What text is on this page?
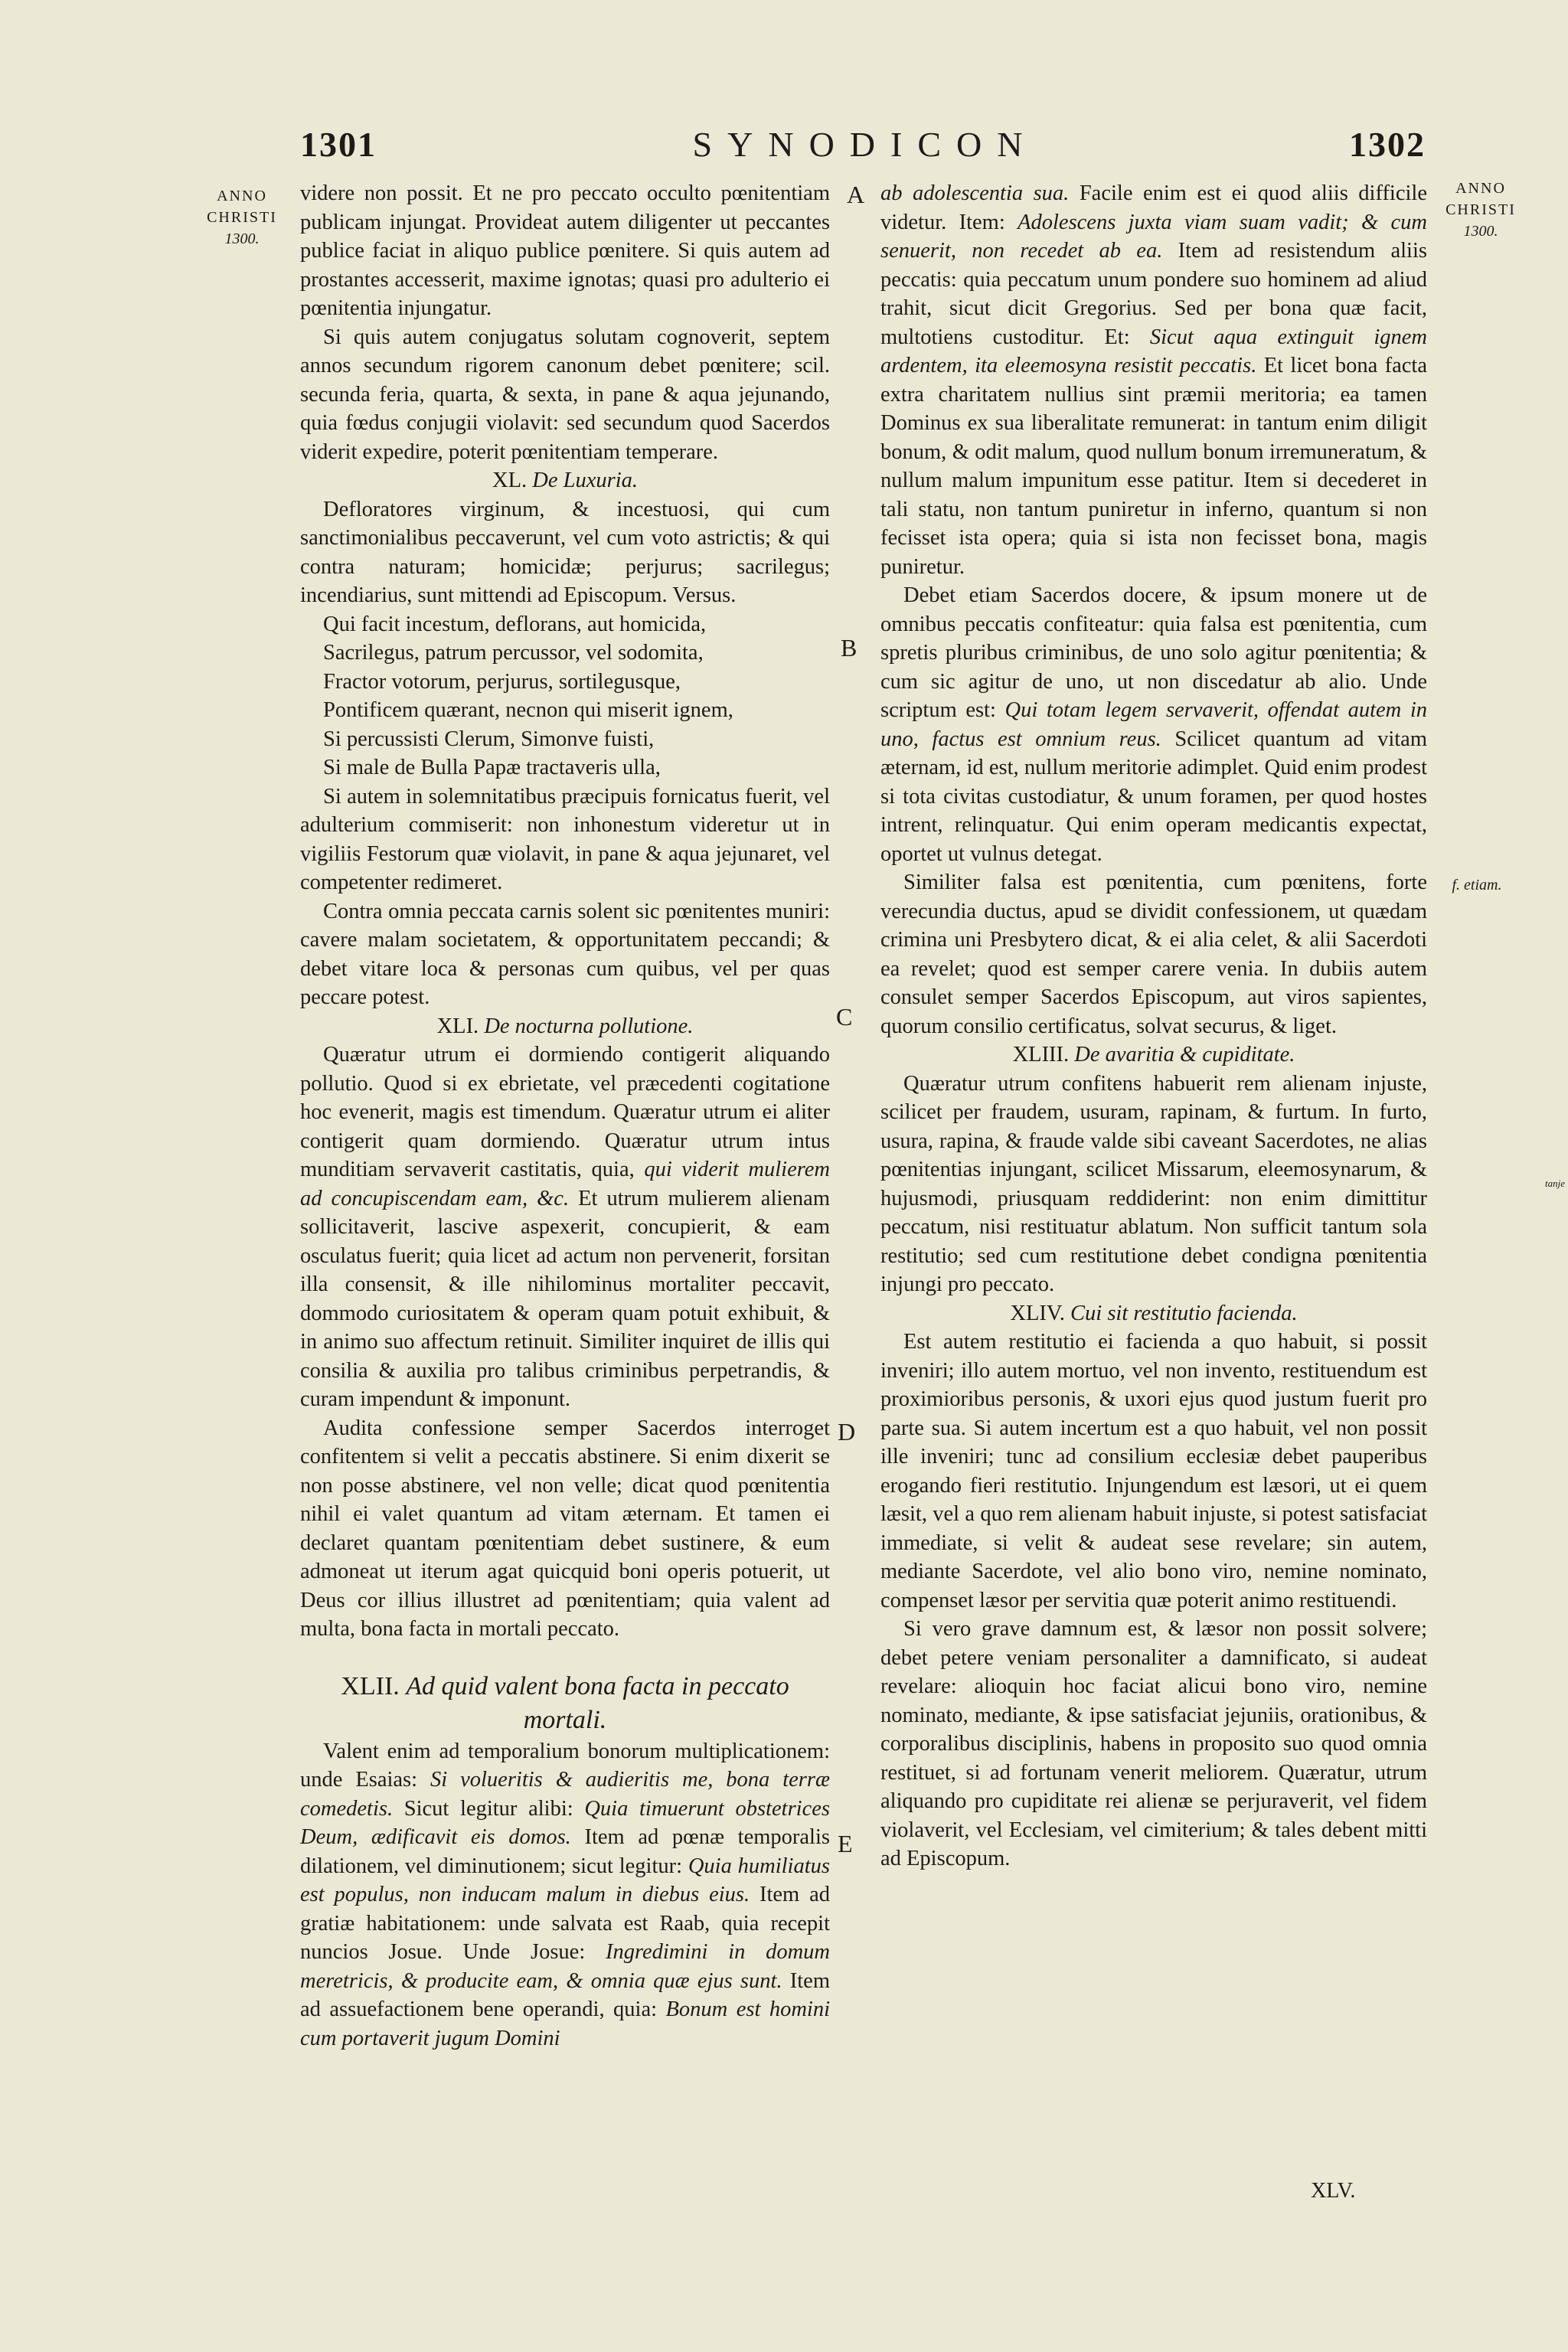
1301	SYNODICON	1302
ANNO
CHRISTI
1300.
ANNO
CHRISTI
1300.
f. etiam.
tanje
A
B
C
D
E

videre non possit. Et ne pro peccato occulto pœnitentiam publicam injungat. Provideat autem diligenter ut peccantes publice faciat in aliquo publice pœnitere. Si quis autem ad prostantes accesserit, maxime ignotas; quasi pro adulterio ei pœnitentia injungatur.

Si quis autem conjugatus solutam cognoverit, septem annos secundum rigorem canonum debet pœnitere; scil. secunda feria, quarta, & sexta, in pane & aqua jejunando, quia fœdus conjugii violavit: sed secundum quod Sacerdos viderit expedire, poterit pœnitentiam temperare.

XL. De Luxuria.

Defloratores virginum, & incestuosi, qui cum sanctimonialibus peccaverunt, vel cum voto astrictis; & qui contra naturam; homicidæ; perjurus; sacrilegus; incendiarius, sunt mittendi ad Episcopum. Versus.

Qui facit incestum, deflorans, aut homicida,

Sacrilegus, patrum percussor, vel sodomita,

Fractor votorum, perjurus, sortilegusque,

Pontificem quærant, necnon qui miserit ignem,

Si percussisti Clerum, Simonve fuisti,

Si male de Bulla Papæ tractaveris ulla,

Si autem in solemnitatibus præcipuis fornicatus fuerit, vel adulterium commiserit: non inhonestum videretur ut in vigiliis Festorum quæ violavit, in pane & aqua jejunaret, vel competenter redimeret.

Contra omnia peccata carnis solent sic pœnitentes muniri: cavere malam societatem, & opportunitatem peccandi; & debet vitare loca & personas cum quibus, vel per quas peccare potest.

XLI. De nocturna pollutione.

Quæratur utrum ei dormiendo contigerit aliquando pollutio. Quod si ex ebrietate, vel præcedenti cogitatione hoc evenerit, magis est timendum. Quæratur utrum ei aliter contigerit quam dormiendo. Quæratur utrum intus munditiam servaverit castitatis, quia, qui viderit mulierem ad concupiscendam eam, &c. Et utrum mulierem alienam sollicitaverit, lascive aspexerit, concupierit, & eam osculatus fuerit; quia licet ad actum non pervenerit, forsitan illa consensit, & ille nihilominus mortaliter peccavit, dommodo curiositatem & operam quam potuit exhibuit, & in animo suo affectum retinuit. Similiter inquiret de illis qui consilia & auxilia pro talibus criminibus perpetrandis, & curam impendunt & imponunt.

Audita confessione semper Sacerdos interroget confitentem si velit a peccatis abstinere. Si enim dixerit se non posse abstinere, vel non velle; dicat quod pœnitentia nihil ei valet quantum ad vitam æternam. Et tamen ei declaret quantam pœnitentiam debet sustinere, & eum admoneat ut iterum agat quicquid boni operis potuerit, ut Deus cor illius illustret ad pœnitentiam; quia valent ad multa, bona facta in mortali peccato.

XLII. Ad quid valent bona facta in peccato mortali.

Valent enim ad temporalium bonorum multiplicationem: unde Esaias: Si volueritis & audieritis me, bona terræ comedetis. Sicut legitur alibi: Quia timuerunt obstetrices Deum, ædificavit eis domos. Item ad pœnæ temporalis dilationem, vel diminutionem; sicut legitur: Quia humiliatus est populus, non inducam malum in diebus eius. Item ad gratiæ habitationem: unde salvata est Raab, quia recepit nuncios Josue. Unde Josue: Ingredimini in domum meretricis, & producite eam, & omnia quæ ejus sunt. Item ad assuefactionem bene operandi, quia: Bonum est homini cum portaverit jugum Domini

ab adolescentia sua. Facile enim est ei quod aliis difficile videtur. Item: Adolescens juxta viam suam vadit; & cum senuerit, non recedet ab ea. Item ad resistendum aliis peccatis: quia peccatum unum pondere suo hominem ad aliud trahit, sicut dicit Gregorius. Sed per bona quæ facit, multotiens custoditur. Et: Sicut aqua extinguit ignem ardentem, ita eleemosyna resistit peccatis. Et licet bona facta extra charitatem nullius sint præmii meritoria; ea tamen Dominus ex sua liberalitate remunerat: in tantum enim diligit bonum, & odit malum, quod nullum bonum irremuneratum, & nullum malum impunitum esse patitur. Item si decederet in tali statu, non tantum puniretur in inferno, quantum si non fecisset ista opera; quia si ista non fecisset bona, magis puniretur.

Debet etiam Sacerdos docere, & ipsum monere ut de omnibus peccatis confiteatur: quia falsa est pœnitentia, cum spretis pluribus criminibus, de uno solo agitur pœnitentia; & cum sic agitur de uno, ut non discedatur ab alio. Unde scriptum est: Qui totam legem servaverit, offendat autem in uno, factus est omnium reus. Scilicet quantum ad vitam æternam, id est, nullum meritorie adimplet. Quid enim prodest si tota civitas custodiatur, & unum foramen, per quod hostes intrent, relinquatur. Qui enim operam medicantis expectat, oportet ut vulnus detegat.

Similiter falsa est pœnitentia, cum pœnitens, forte verecundia ductus, apud se dividit confessionem, ut quædam crimina uni Presbytero dicat, & ei alia celet, & alii Sacerdoti ea revelet; quod est semper carere venia. In dubiis autem consulet semper Sacerdos Episcopum, aut viros sapientes, quorum consilio certificatus, solvat securus, & liget.

XLIII. De avaritia & cupiditate.

Quæratur utrum confitens habuerit rem alienam injuste, scilicet per fraudem, usuram, rapinam, & furtum. In furto, usura, rapina, & fraude valde sibi caveant Sacerdotes, ne alias pœnitentias injungant, scilicet Missarum, eleemosynarum, & hujusmodi, priusquam reddiderint: non enim dimittitur peccatum, nisi restituatur ablatum. Non sufficit tantum sola restitutio; sed cum restitutione debet condigna pœnitentia injungi pro peccato.

XLIV. Cui sit restitutio facienda.

Est autem restitutio ei facienda a quo habuit, si possit inveniri; illo autem mortuo, vel non invento, restituendum est proximioribus personis, & uxori ejus quod justum fuerit pro parte sua. Si autem incertum est a quo habuit, vel non possit ille inveniri; tunc ad consilium ecclesiæ debet pauperibus erogando fieri restitutio. Injungendum est læsori, ut ei quem læsit, vel a quo rem alienam habuit injuste, si potest satisfaciat immediate, si velit & audeat sese revelare; sin autem, mediante Sacerdote, vel alio bono viro, nemine nominato, compenset læsor per servitia quæ poterit animo restituendi.

Si vero grave damnum est, & læsor non possit solvere; debet petere veniam personaliter a damnificato, si audeat revelare: alioquin hoc faciat alicui bono viro, nemine nominato, mediante, & ipse satisfaciat jejuniis, orationibus, & corporalibus disciplinis, habens in proposito suo quod omnia restituet, si ad fortunam venerit meliorem. Quæratur, utrum aliquando pro cupiditate rei alienæ se perjuraverit, vel fidem violaverit, vel Ecclesiam, vel cimiterium; & tales debent mitti ad Episcopum.

XLV.
